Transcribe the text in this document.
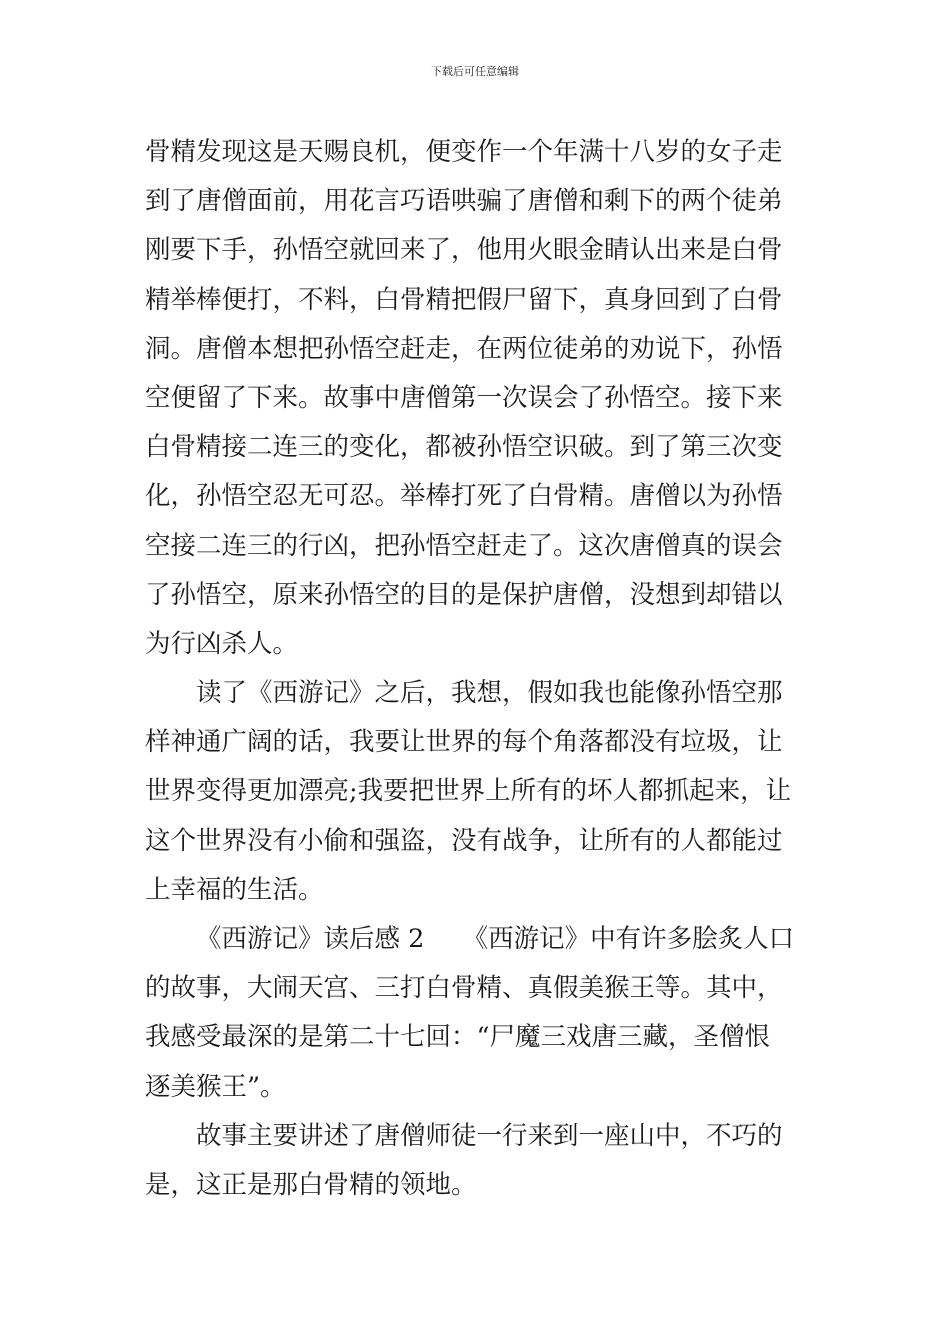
下载后可任意编辑
骨精发现这是天赐良机，便变作一个年满十八岁的女子走
到了唐僧面前，用花言巧语哄骗了唐僧和剩下的两个徒弟
刚要下手，孙悟空就回来了，他用火眼金睛认出来是白骨
精举棒便打，不料，白骨精把假尸留下，真身回到了白骨
洞。唐僧本想把孙悟空赶走，在两位徒弟的劝说下，孙悟
空便留了下来。故事中唐僧第一次误会了孙悟空。接下来
白骨精接二连三的变化，都被孙悟空识破。到了第三次变
化，孙悟空忍无可忍。举棒打死了白骨精。唐僧以为孙悟
空接二连三的行凶，把孙悟空赶走了。这次唐僧真的误会
了孙悟空，原来孙悟空的目的是保护唐僧，没想到却错以
为行凶杀人。
读了《西游记》之后，我想，假如我也能像孙悟空那
样神通广阔的话，我要让世界的每个角落都没有垃圾，让
世界变得更加漂亮;我要把世界上所有的坏人都抓起来，让
这个世界没有小偷和强盗，没有战争，让所有的人都能过
上幸福的生活。
《西游记》读后感 2　　《西游记》中有许多脍炙人口
的故事，大闹天宫、三打白骨精、真假美猴王等。其中，
我感受最深的是第二十七回：“尸魔三戏唐三藏，圣僧恨
逐美猴王”。
故事主要讲述了唐僧师徒一行来到一座山中，不巧的
是，这正是那白骨精的领地。
